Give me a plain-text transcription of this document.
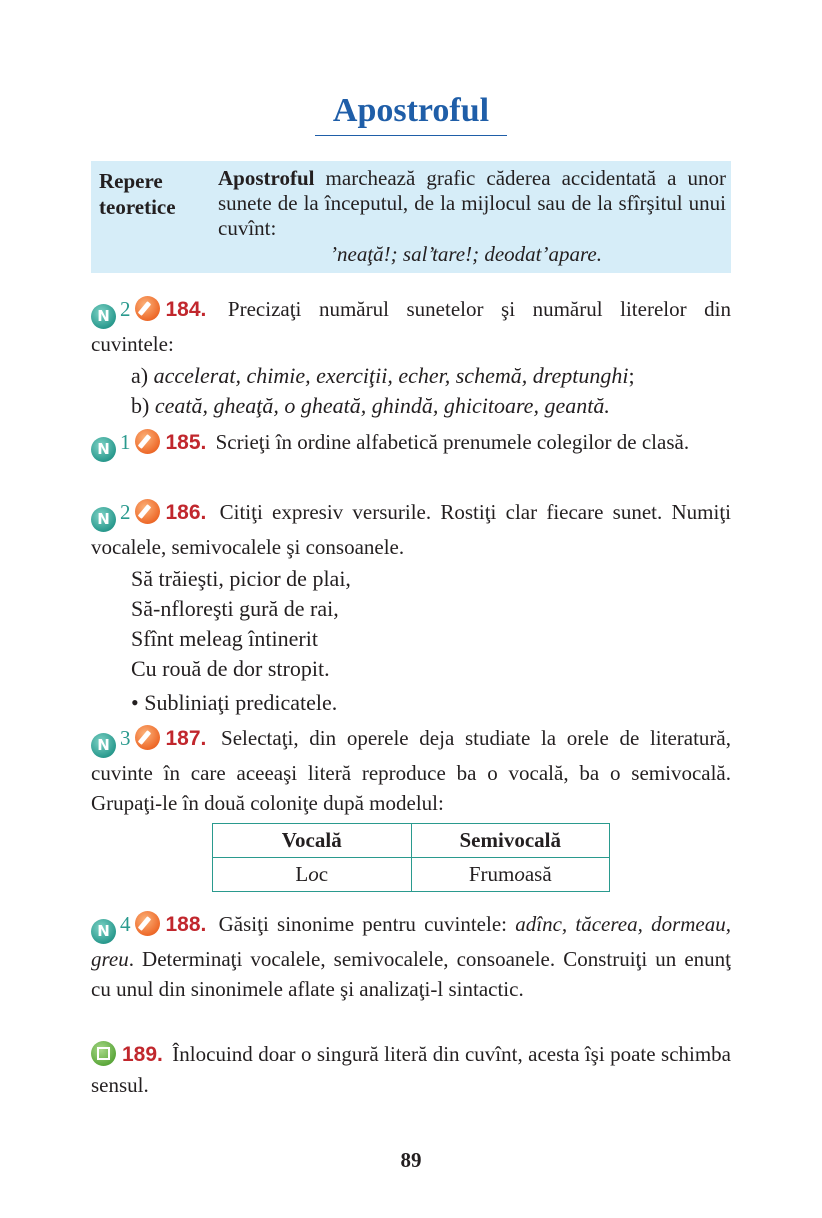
Apostroful
Repere
teoretice
Apostroful marchează grafic căderea accidentată a unor sunete de la începutul, de la mijlocul sau de la sfîrşitul unui cuvînt:
’neaţă!; sal’tare!; deodat’apare.
N 2 184. Precizaţi numărul sunetelor şi numărul literelor din cuvintele:
a) accelerat, chimie, exerciţii, echer, schemă, dreptunghi;
b) ceată, gheaţă, o gheată, ghindă, ghicitoare, geantă.
N 1 185. Scrieţi în ordine alfabetică prenumele colegilor de clasă.
N 2 186. Citiţi expresiv versurile. Rostiţi clar fiecare sunet. Numiţi vocalele, semivocalele şi consoanele.
Să trăieşti, picior de plai,
Să-nfloreşti gură de rai,
Sfînt meleag întinerit
Cu rouă de dor stropit.
• Subliniaţi predicatele.
N 3 187. Selectaţi, din operele deja studiate la orele de literatură, cuvinte în care aceeaşi literă reproduce ba o vocală, ba o semivocală. Grupaţi-le în două coloniţe după modelul:
Vocală	Semivocală
Loc	Frumoasă
N 4 188. Găsiţi sinonime pentru cuvintele: adînc, tăcerea, dormeau, greu. Determinaţi vocalele, semivocalele, consoanele. Construiţi un enunţ cu unul din sinonimele aflate şi analizaţi-l sintactic.
189. Înlocuind doar o singură literă din cuvînt, acesta îşi poate schimba sensul.
89
